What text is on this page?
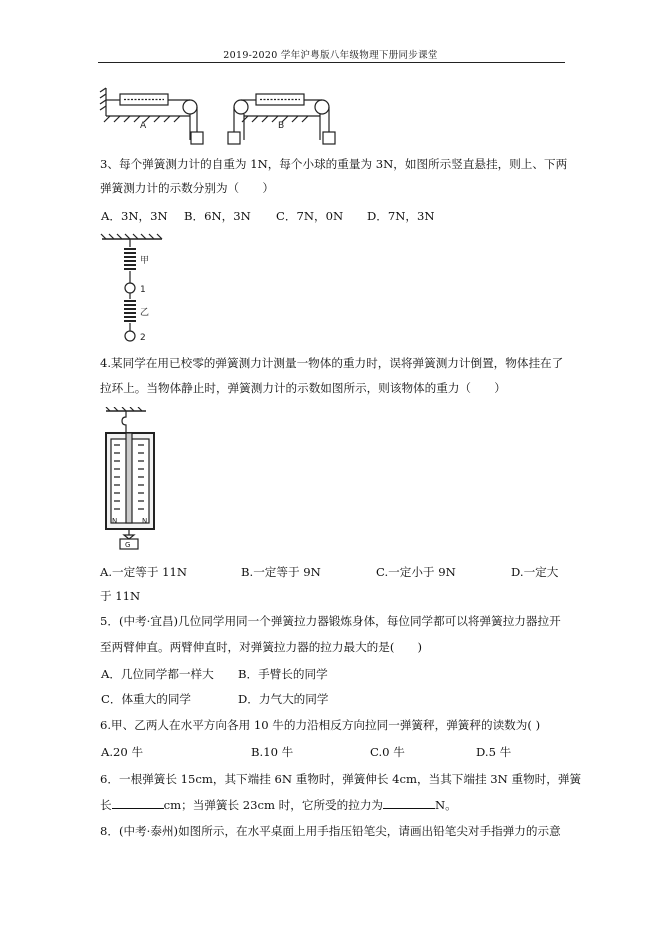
2019-2020 学年沪粤版八年级物理下册同步课堂
A	B
3、每个弹簧测力计的自重为 1N，每个小球的重量为 3N，如图所示竖直悬挂，则上、下两
弹簧测力计的示数分别为（　　）
A．3N，3N B．6N，3N C．7N，0N D．7N，3N
甲
1
乙
2
4.某同学在用已校零的弹簧测力计测量一物体的重力时，误将弹簧测力计倒置，物体挂在了
拉环上。当物体静止时，弹簧测力计的示数如图所示，则该物体的重力（　　）
N	N
G
A.一定等于 11N	B.一定等于 9N	C.一定小于 9N	D.一定大
于 11N
5．(中考·宜昌)几位同学用同一个弹簧拉力器锻炼身体，每位同学都可以将弹簧拉力器拉开
至两臂伸直。两臂伸直时，对弹簧拉力器的拉力最大的是(　　)
A．几位同学都一样大 B．手臂长的同学
C．体重大的同学	D．力气大的同学
6.甲、乙两人在水平方向各用 10 牛的力沿相反方向拉同一弹簧秤，弹簧秤的读数为( )
A.20 牛	B.10 牛	C.0 牛	D.5 牛
6．一根弹簧长 15cm，其下端挂 6N 重物时，弹簧伸长 4cm，当其下端挂 3N 重物时，弹簧
长	cm；当弹簧长 23cm 时，它所受的拉力为	N。
8．(中考·泰州)如图所示，在水平桌面上用手指压铅笔尖，请画出铅笔尖对手指弹力的示意
